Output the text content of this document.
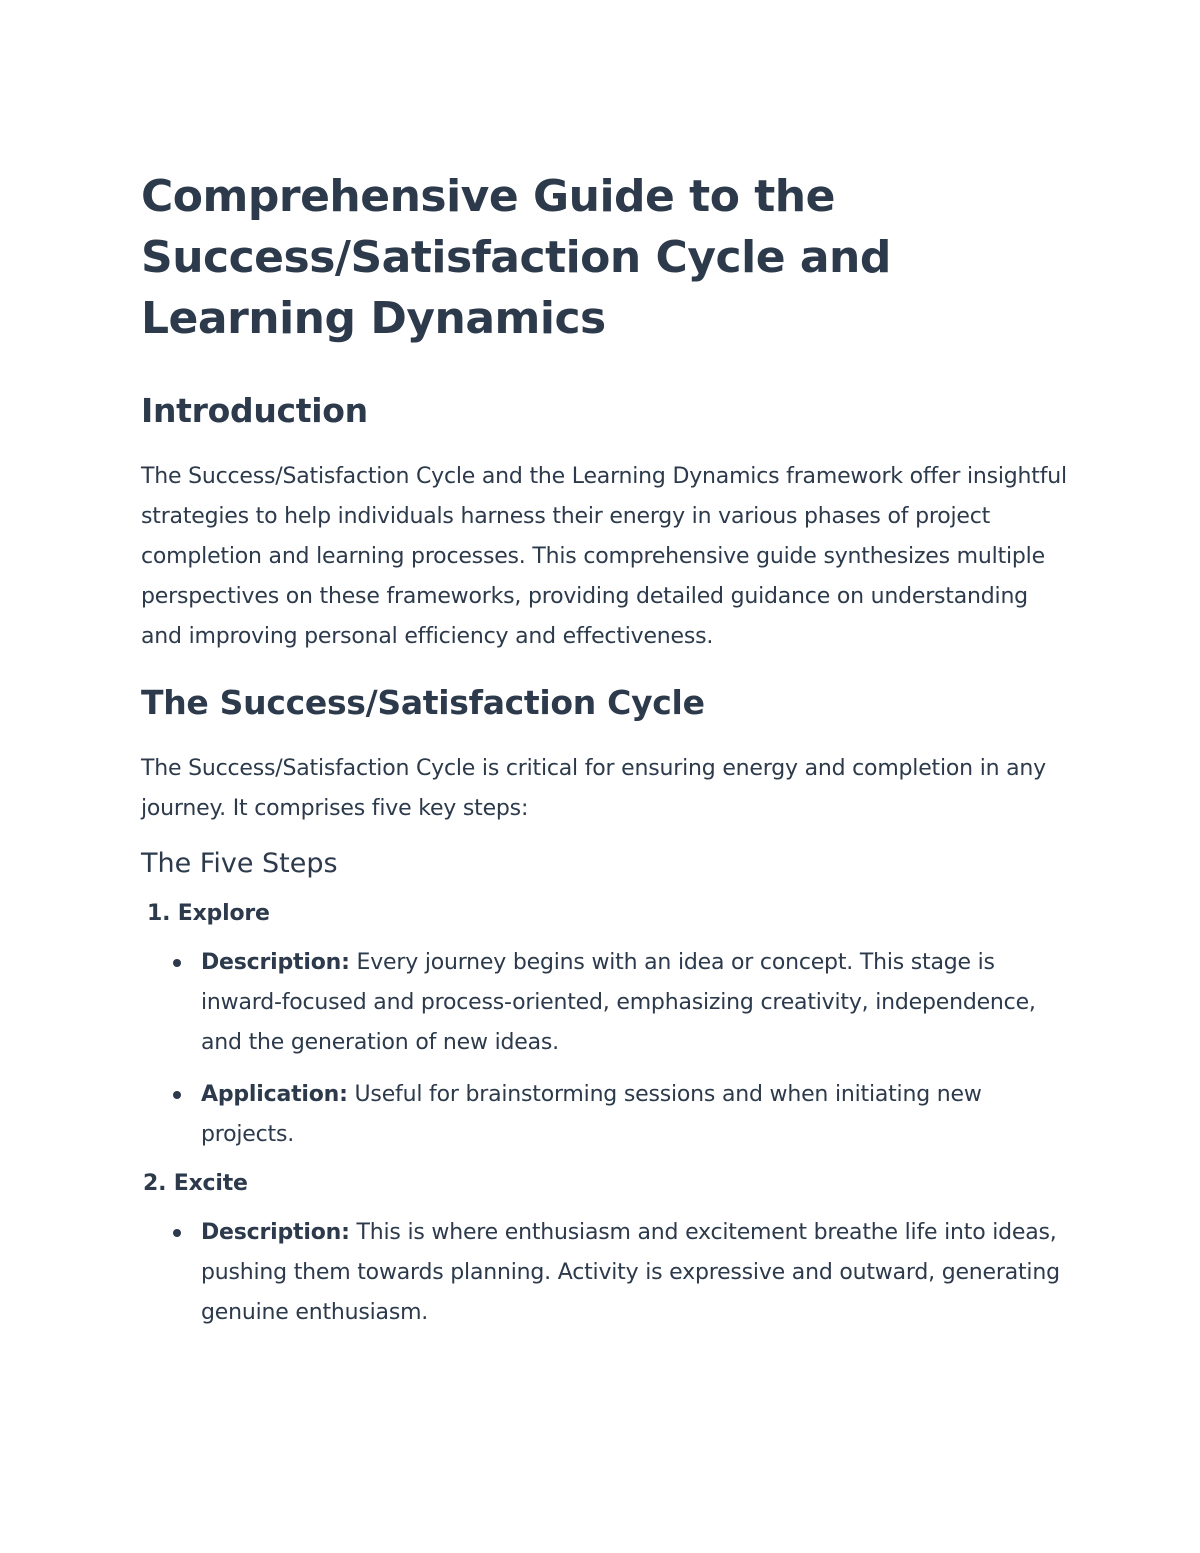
Comprehensive Guide to the Success/Satisfaction Cycle and Learning Dynamics
Introduction

The Success/Satisfaction Cycle and the Learning Dynamics framework offer insightful strategies to help individuals harness their energy in various phases of project completion and learning processes. This comprehensive guide synthesizes multiple perspectives on these frameworks, providing detailed guidance on understanding and improving personal efficiency and effectiveness.

The Success/Satisfaction Cycle

The Success/Satisfaction Cycle is critical for ensuring energy and completion in any journey. It comprises five key steps:

The Five Steps
1. Explore
Description: Every journey begins with an idea or concept. This stage is inward-focused and process-oriented, emphasizing creativity, independence, and the generation of new ideas.
Application: Useful for brainstorming sessions and when initiating new projects.
2. Excite
Description: This is where enthusiasm and excitement breathe life into ideas, pushing them towards planning. Activity is expressive and outward, generating genuine enthusiasm.
